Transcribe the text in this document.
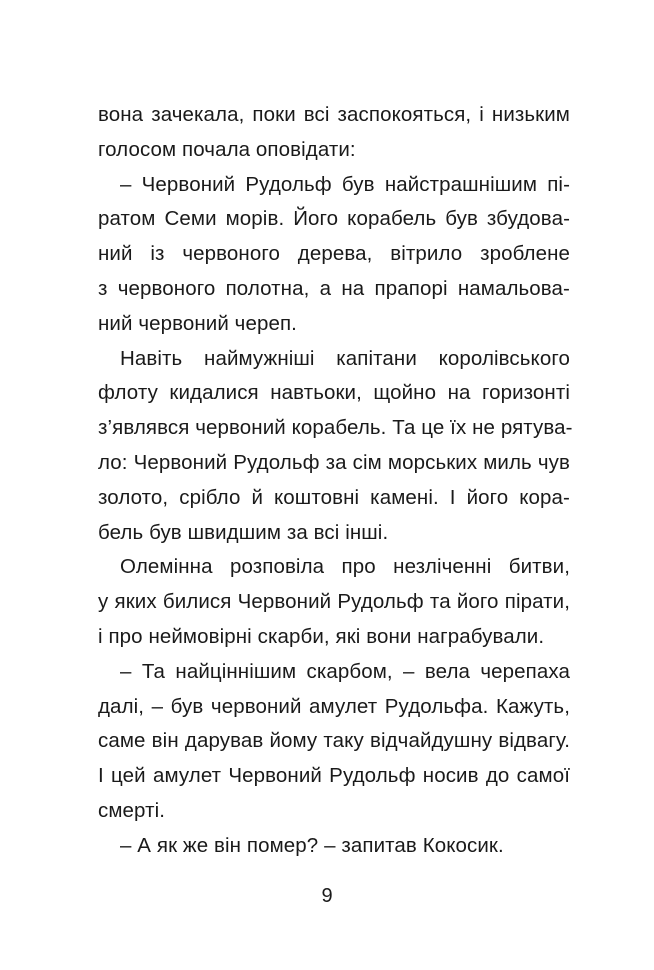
вона зачекала, поки всі заспокояться, і низьким
голосом почала оповідати:
– Червоний Рудольф був найстрашнішим пі-
ратом Семи морів. Його корабель був збудова-
ний із червоного дерева, вітрило зроблене
з червоного полотна, а на прапорі намальова-
ний червоний череп.
Навіть наймужніші капітани королівського
флоту кидалися навтьоки, щойно на горизонті
з’являвся червоний корабель. Та це їх не рятува-
ло: Червоний Рудольф за сім морських миль чув
золото, срібло й коштовні камені. І його кора-
бель був швидшим за всі інші.
Олемінна розповіла про незліченні битви,
у яких билися Червоний Рудольф та його пірати,
і про неймовірні скарби, які вони награбували.
– Та найціннішим скарбом, – вела черепаха
далі, – був червоний амулет Рудольфа. Кажуть,
саме він дарував йому таку відчайдушну відвагу.
І цей амулет Червоний Рудольф носив до самої
смерті.
– А як же він помер? – запитав Кокосик.
9
